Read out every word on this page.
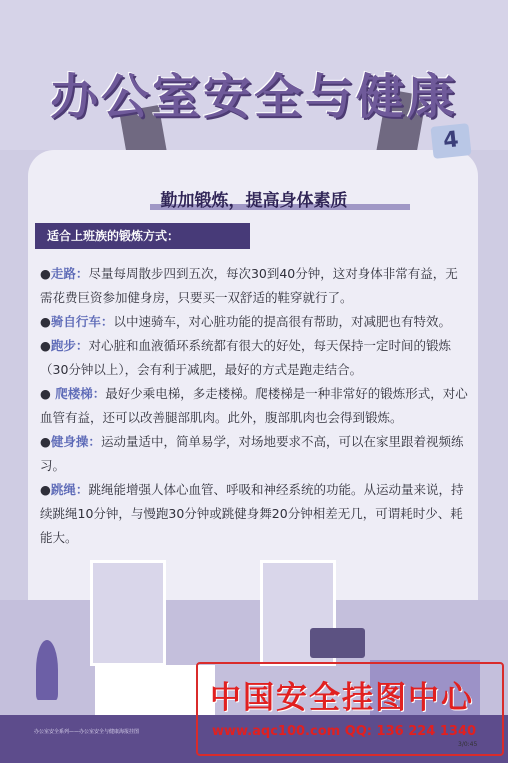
办公室安全与健康
4
勤加锻炼，提高身体素质
适合上班族的锻炼方式：

●走路：尽量每周散步四到五次，每次30到40分钟，这对身体非常有益，无需花费巨资参加健身房，只要买一双舒适的鞋穿就行了。

●骑自行车：以中速骑车，对心脏功能的提高很有帮助，对减肥也有特效。

●跑步：对心脏和血液循环系统都有很大的好处，每天保持一定时间的锻炼（30分钟以上），会有利于减肥，最好的方式是跑走结合。

● 爬楼梯：最好少乘电梯，多走楼梯。爬楼梯是一种非常好的锻炼形式，对心血管有益，还可以改善腿部肌肉。此外，腹部肌肉也会得到锻炼。

●健身操：运动量适中，简单易学，对场地要求不高，可以在家里跟着视频练习。

●跳绳：跳绳能增强人体心血管、呼吸和神经系统的功能。从运动量来说，持续跳绳10分钟，与慢跑30分钟或跳健身舞20分钟相差无几，可谓耗时少、耗能大。

办公室安全系列——办公室安全与健康海报挂图
中国安全挂图中心
www.aqc100.com QQ: 136 224 1340
3/0:45
